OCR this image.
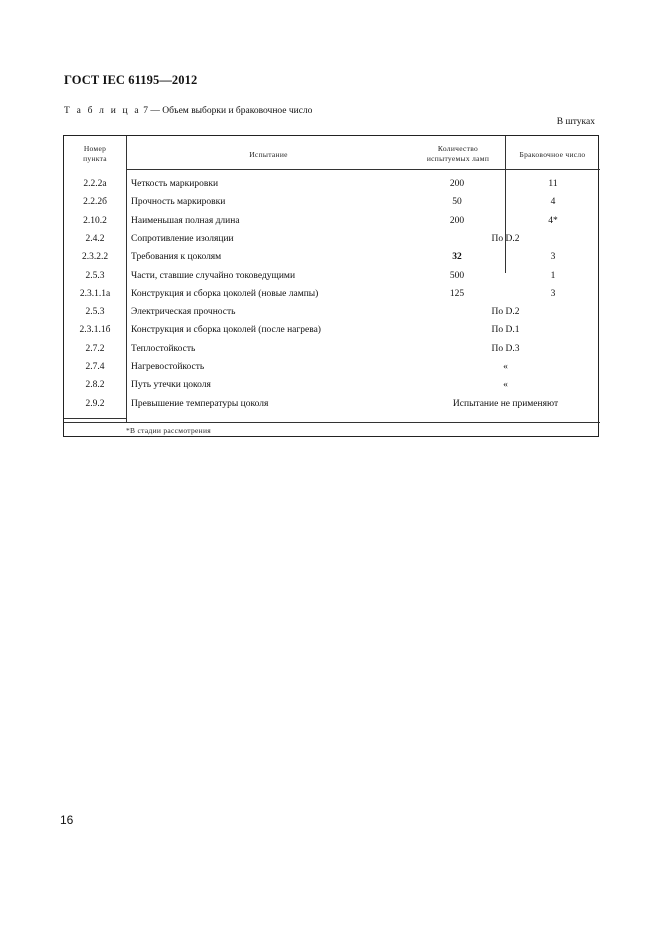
ГОСТ IEC 61195—2012
Т а б л и ц а 7 — Объем выборки и браковочное число
В штуках
Номер
пункта	Испытание
Количество
испытуемых ламп	Браковочное число
2.2.2а	Четкость маркировки	200	11
2.2.2б	Прочность маркировки	50	4
2.10.2	Наименьшая полная длина	200	4*
2.4.2	Сопротивление изоляции	По D.2
2.3.2.2	Требования к цоколям	32	3
2.5.3	Части, ставшие случайно токоведущими	500	1
2.3.1.1а	Конструкция и сборка цоколей (новые лампы)	125	3
2.5.3	Электрическая прочность	По D.2
2.3.1.1б	Конструкция и сборка цоколей (после нагрева)	По D.1
2.7.2	Теплостойкость	По D.3
2.7.4	Нагревостойкость	«
2.8.2	Путь утечки цоколя	«
2.9.2	Превышение температуры цоколя	Испытание не применяют
*В стадии рассмотрения
16
